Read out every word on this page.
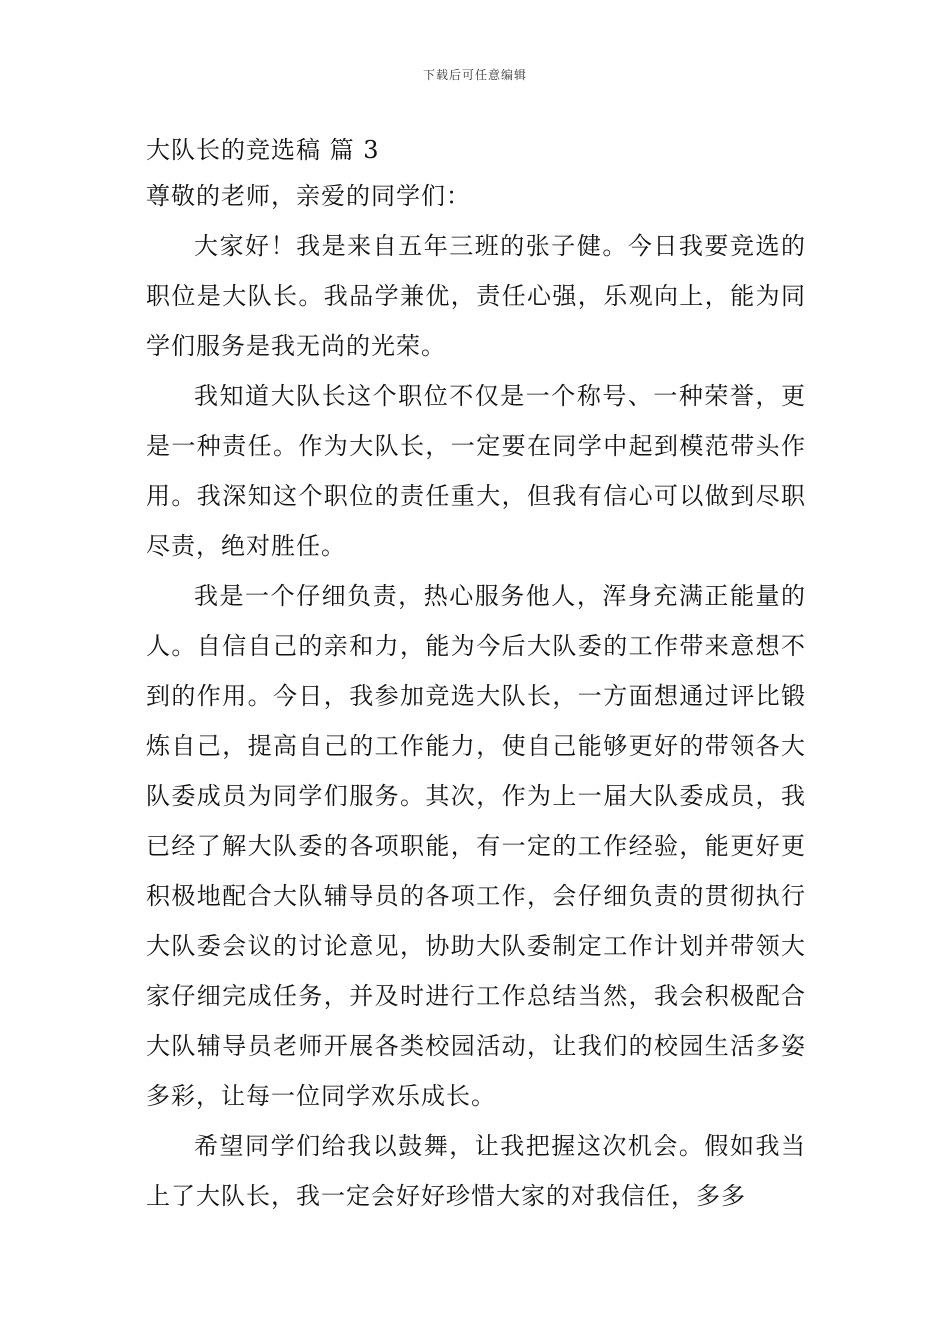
下载后可任意编辑
大队长的竞选稿 篇 3

尊敬的老师，亲爱的同学们：

大家好！我是来自五年三班的张子健。今日我要竞选的职位是大队长。我品学兼优，责任心强，乐观向上，能为同学们服务是我无尚的光荣。

我知道大队长这个职位不仅是一个称号、一种荣誉，更是一种责任。作为大队长，一定要在同学中起到模范带头作用。我深知这个职位的责任重大，但我有信心可以做到尽职尽责，绝对胜任。

我是一个仔细负责，热心服务他人，浑身充满正能量的人。自信自己的亲和力，能为今后大队委的工作带来意想不到的作用。今日，我参加竞选大队长，一方面想通过评比锻炼自己，提高自己的工作能力，使自己能够更好的带领各大队委成员为同学们服务。其次，作为上一届大队委成员，我已经了解大队委的各项职能，有一定的工作经验，能更好更积极地配合大队辅导员的各项工作，会仔细负责的贯彻执行大队委会议的讨论意见，协助大队委制定工作计划并带领大家仔细完成任务，并及时进行工作总结当然，我会积极配合大队辅导员老师开展各类校园活动，让我们的校园生活多姿多彩，让每一位同学欢乐成长。

希望同学们给我以鼓舞，让我把握这次机会。假如我当上了大队长，我一定会好好珍惜大家的对我信任，多多
